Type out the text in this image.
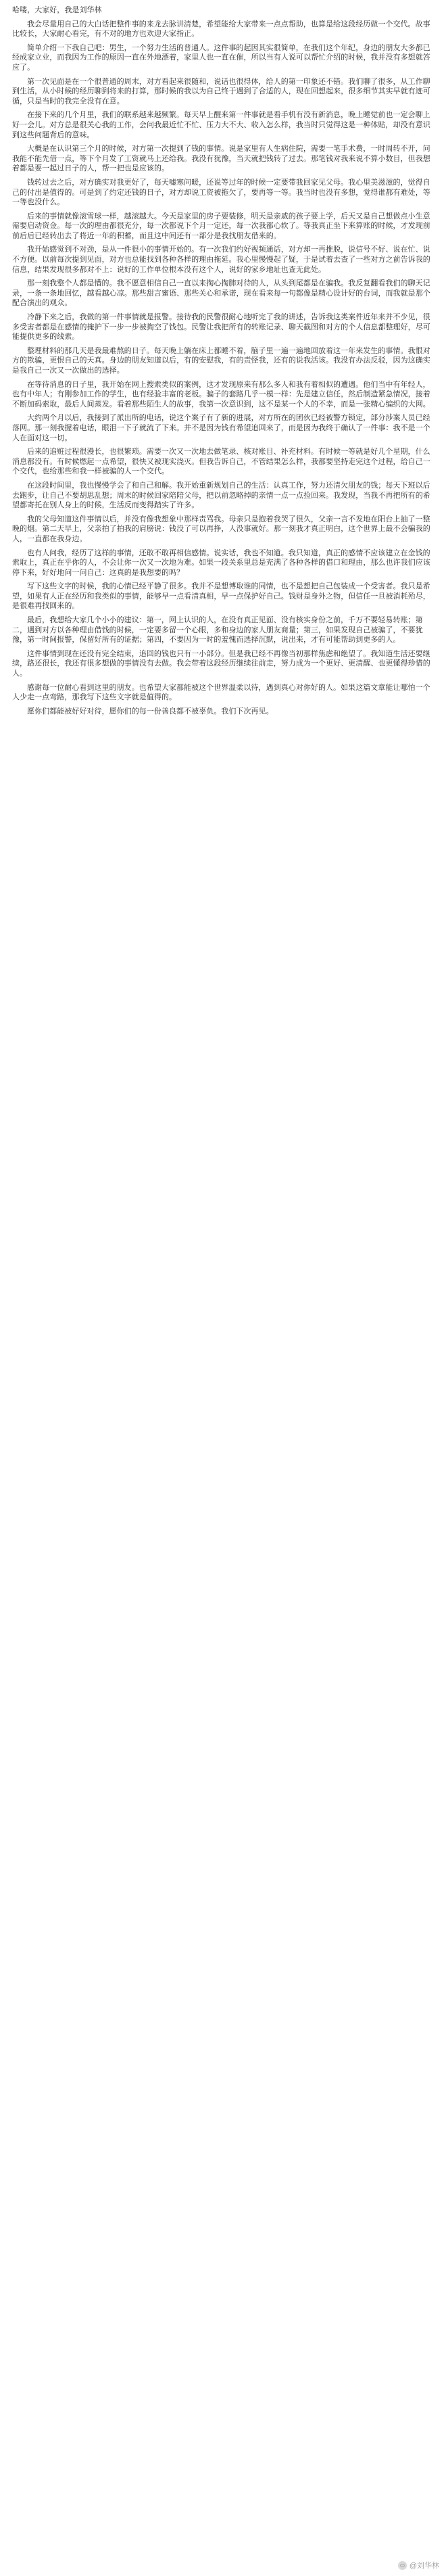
哈喽，大家好，我是刘华林

我会尽量用自己的大白话把整件事的来龙去脉讲清楚，希望能给大家带来一点点帮助，也算是给这段经历做一个交代。故事比较长，大家耐心看完，有不对的地方也欢迎大家指正。

简单介绍一下我自己吧：男生，一个努力生活的普通人。这件事的起因其实很简单，在我们这个年纪，身边的朋友大多都已经成家立业，而我因为工作的原因一直在外地漂着，家里人也一直在催，所以当有人说可以帮忙介绍的时候，我并没有多想就答应了。

第一次见面是在一个很普通的周末，对方看起来很随和，说话也很得体，给人的第一印象还不错。我们聊了很多，从工作聊到生活，从小时候的经历聊到将来的打算，那时候的我以为自己终于遇到了合适的人，现在回想起来，很多细节其实早就有迹可循，只是当时的我完全没有在意。

在接下来的几个月里，我们的联系越来越频繁。每天早上醒来第一件事就是看手机有没有新消息，晚上睡觉前也一定会聊上好一会儿。对方总是很关心我的工作，会问我最近忙不忙、压力大不大、收入怎么样，我当时只觉得这是一种体贴，却没有意识到这些问题背后的意味。

大概是在认识第三个月的时候，对方第一次提到了钱的事情。说是家里有人生病住院，需要一笔手术费，一时周转不开，问我能不能先借一点，等下个月发了工资就马上还给我。我没有犹豫，当天就把钱转了过去。那笔钱对我来说不算小数目，但我想着都是要一起过日子的人，帮一把也是应该的。

钱转过去之后，对方确实对我更好了，每天嘘寒问暖，还说等过年的时候一定要带我回家见父母。我心里美滋滋的，觉得自己的付出是值得的。可是到了约定还钱的日子，对方却说工资被拖欠了，要再等一等。我当时也没有多想，觉得谁都有难处，等一等也没什么。

后来的事情就像滚雪球一样，越滚越大。今天是家里的房子要装修，明天是亲戚的孩子要上学，后天又是自己想做点小生意需要启动资金。每一次的理由都很充分，每一次都说下个月一定还，每一次我都心软了。等我真正坐下来算账的时候，才发现前前后后已经转出去了将近一年的积蓄，而且这中间还有一部分是我找朋友借来的。

我开始感觉到不对劲，是从一件很小的事情开始的。有一次我们约好视频通话，对方却一再推脱，说信号不好、说在忙、说不方便。以前每次提到见面，对方也总能找到各种各样的理由拖延。我心里慢慢起了疑，于是试着去查了一些对方之前告诉我的信息，结果发现很多都对不上：说好的工作单位根本没有这个人，说好的家乡地址也查无此处。

那一刻我整个人都是懵的。我不愿意相信自己一直以来掏心掏肺对待的人，从头到尾都是在骗我。我反复翻看我们的聊天记录，一条一条地回忆，越看越心凉。那些甜言蜜语、那些关心和承诺，现在看来每一句都像是精心设计好的台词，而我就是那个配合演出的观众。

冷静下来之后，我做的第一件事情就是报警。接待我的民警很耐心地听完了我的讲述，告诉我这类案件近年来并不少见，很多受害者都是在感情的掩护下一步一步被掏空了钱包。民警让我把所有的转账记录、聊天截图和对方的个人信息都整理好，尽可能提供更多的线索。

整理材料的那几天是我最难熬的日子。每天晚上躺在床上都睡不着，脑子里一遍一遍地回放着这一年来发生的事情。我恨对方的欺骗，更恨自己的天真。身边的朋友知道以后，有的安慰我，有的责怪我，还有的说我活该。我没有办法反驳，因为这确实是我自己一次又一次做出的选择。

在等待消息的日子里，我开始在网上搜索类似的案例，这才发现原来有那么多人和我有着相似的遭遇。他们当中有年轻人，也有中年人；有刚参加工作的学生，也有经验丰富的老板。骗子的套路几乎一模一样：先是建立信任，然后制造紧急情况，接着不断加码索取，最后人间蒸发。看着那些陌生人的故事，我第一次意识到，这不是某一个人的不幸，而是一张精心编织的大网。

大约两个月以后，我接到了派出所的电话，说这个案子有了新的进展，对方所在的团伙已经被警方锁定，部分涉案人员已经落网。那一刻我握着电话，眼泪一下子就流了下来。并不是因为钱有希望追回来了，而是因为我终于确认了一件事：我不是一个人在面对这一切。

后来的追赃过程很漫长，也很繁琐。需要一次又一次地去做笔录、核对账目、补充材料。有时候一等就是好几个星期，什么消息都没有。有时候燃起一点希望，很快又被现实浇灭。但我告诉自己，不管结果怎么样，我都要坚持走完这个过程，给自己一个交代，也给那些和我一样被骗的人一个交代。

在这段时间里，我也慢慢学会了和自己和解。我开始重新规划自己的生活：认真工作，努力还清欠朋友的钱；每天下班以后去跑步，让自己不要胡思乱想；周末的时候回家陪陪父母，把以前忽略掉的亲情一点一点捡回来。我发现，当我不再把所有的希望都寄托在别人身上的时候，生活反而变得踏实了许多。

我的父母知道这件事情以后，并没有像我想象中那样责骂我。母亲只是抱着我哭了很久，父亲一言不发地在阳台上抽了一整晚的烟。第二天早上，父亲拍了拍我的肩膀说：钱没了可以再挣，人没事就好。那一刻我才真正明白，这个世界上最不会骗我的人，一直都在我身边。

也有人问我，经历了这样的事情，还敢不敢再相信感情。说实话，我也不知道。我只知道，真正的感情不应该建立在金钱的索取上，真正在乎你的人，不会让你一次又一次地为难。如果一段关系里总是充满了各种各样的借口和理由，那么也许我们应该停下来，好好地问一问自己：这真的是我想要的吗？

写下这些文字的时候，我的心情已经平静了很多。我并不是想博取谁的同情，也不是想把自己包装成一个受害者。我只是希望，如果有人正在经历和我类似的事情，能够早一点看清真相，早一点保护好自己。钱财是身外之物，但信任一旦被消耗殆尽，是很难再找回来的。

最后，我想给大家几个小小的建议：第一，网上认识的人，在没有真正见面、没有核实身份之前，千万不要轻易转账；第二，遇到对方以各种理由借钱的时候，一定要多留一个心眼，多和身边的家人朋友商量；第三，如果发现自己被骗了，不要犹豫，第一时间报警，保留好所有的证据；第四，不要因为一时的羞愧而选择沉默，说出来，才有可能帮助到更多的人。

这件事情到现在还没有完全结束，追回的钱也只有一小部分。但是我已经不再像当初那样焦虑和绝望了。我知道生活还要继续，路还很长，我还有很多想做的事情没有去做。我会带着这段经历继续往前走，努力成为一个更好、更清醒、也更懂得珍惜的人。

感谢每一位耐心看到这里的朋友。也希望大家都能被这个世界温柔以待，遇到真心对你好的人。如果这篇文章能让哪怕一个人少走一点弯路，那我写下这些文字就是值得的。

愿你们都能被好好对待，愿你们的每一份善良都不被辜负。我们下次再见。

@刘华林
